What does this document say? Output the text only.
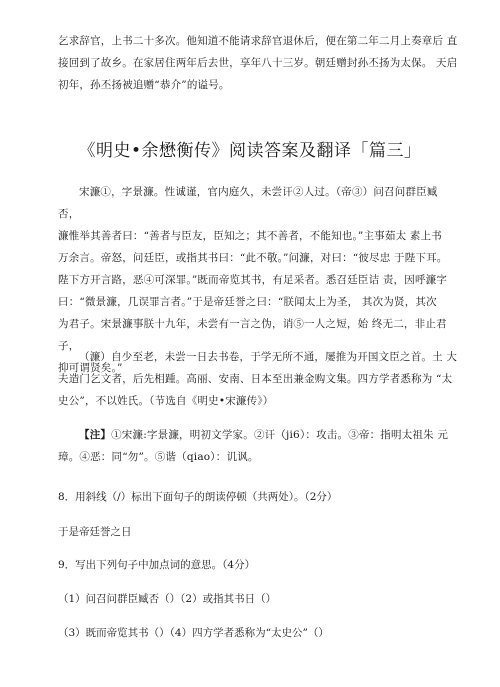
乞求辞官，上书二十多次。他知道不能请求辞官退休后，便在第二年二月上奏章后 直
接回到了故乡。在家居住两年后去世，享年八十三岁。朝廷赠封孙丕扬为太保。 天启
初年，孙丕扬被追赠“恭介”的谥号。

《明史•余懋衡传》阅读答案及翻译「篇三」

宋濂①，字景濂。性诚谨，官内庭久，未尝讦②人过。（帝③）问召问群臣臧 否，
濂惟举其善者曰：“善者与臣友，臣知之；其不善者，不能知也。”主事茹太 素上书
万余言。帝怒，问廷臣，或指其书曰：“此不敬。”问濂，对曰：“彼尽忠 于陛下耳。
陛下方开言路，恶④可深罪。”既而帝览其书，有足采者。悉召廷臣诘 责，因呼濂字
曰：“微景濂，几误罪言者。”于是帝廷誉之曰：“朕闻太上为圣， 其次为贤，其次
为君子。宋景濂事朕十九年，未尝有一言之伪，诮⑤一人之短，始 终无二，非止君子，
抑可谓贤矣。”

（濂）自少至老，未尝一日去书卷，于学无所不通，屡推为开国文臣之首。土 大
夫造门乞文者，后先相踵。高丽、安南、日本至出兼金购文集。四方学者悉称为 “太
史公”，不以姓氏。（节选自《明史•宋濂传》）

【注】①宋濂:字景濂，明初文学家。②讦（ji6）：攻击。③帝：指明太祖朱 元
璋。④恶：同“勿”。⑤谐（qiao）：讥讽。

8．用斜线（/）标出下面句子的朗读停顿（共两处）。（2分）
于是帝廷誉之日
9．写出下列句子中加点词的意思。（4分）
（1）问召问群臣臧否（）（2）或指其书日（）
（3）既而帝览其书（）（4）四方学者悉称为“太史公”（）
